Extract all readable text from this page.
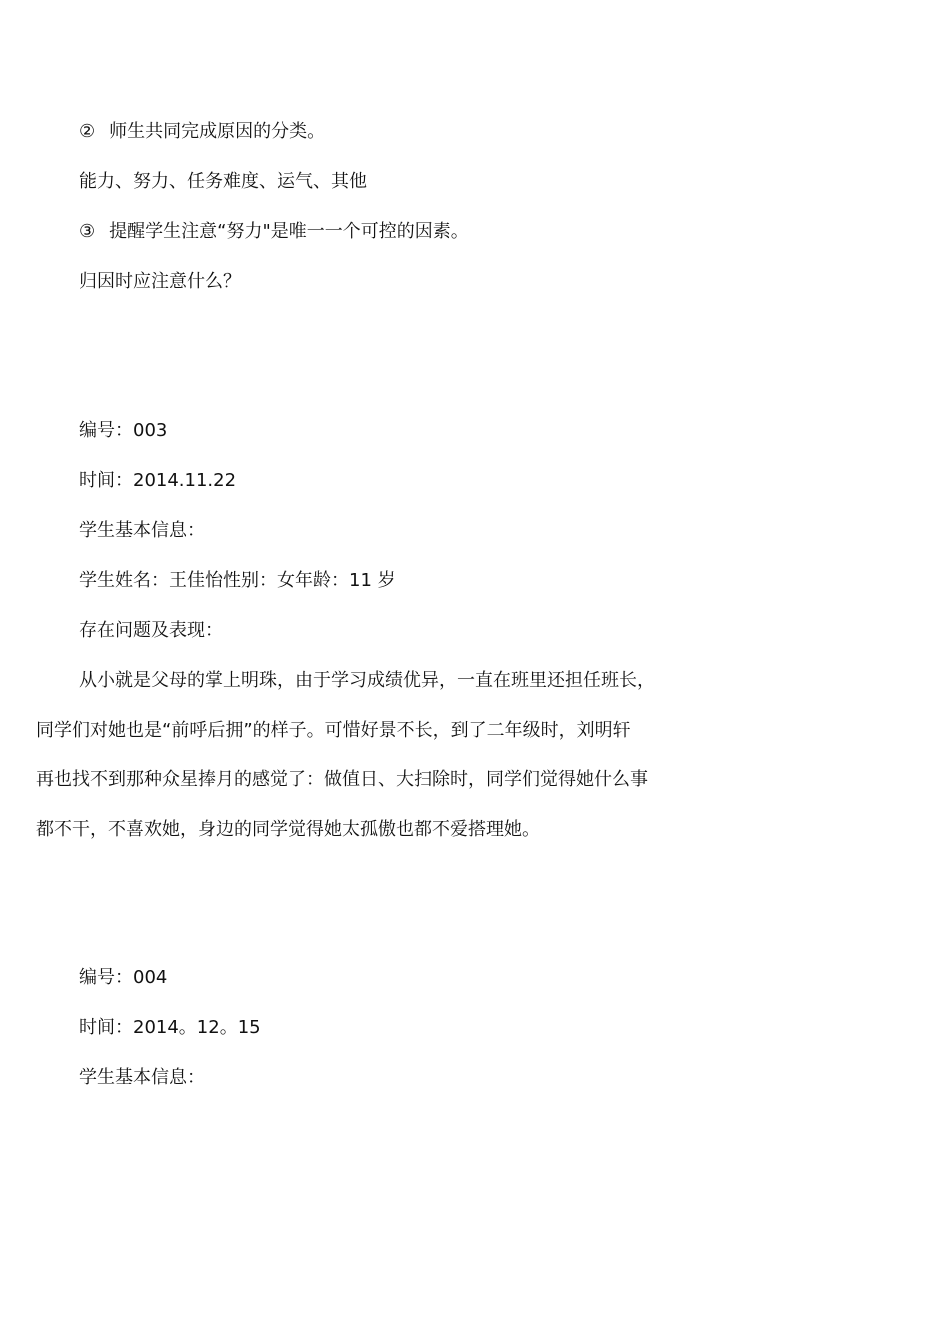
② 师生共同完成原因的分类。
能力、努力、任务难度、运气、其他
③ 提醒学生注意“努力"是唯一一个可控的因素。
归因时应注意什么？
编号：003
时间：2014.11.22
学生基本信息：
学生姓名：王佳怡性别：女年龄：11 岁
存在问题及表现：
从小就是父母的掌上明珠，由于学习成绩优异，一直在班里还担任班长，
同学们对她也是“前呼后拥”的样子。可惜好景不长，到了二年级时，刘明轩
再也找不到那种众星捧月的感觉了：做值日、大扫除时，同学们觉得她什么事
都不干，不喜欢她，身边的同学觉得她太孤傲也都不爱搭理她。
编号：004
时间：2014。12。15
学生基本信息：
